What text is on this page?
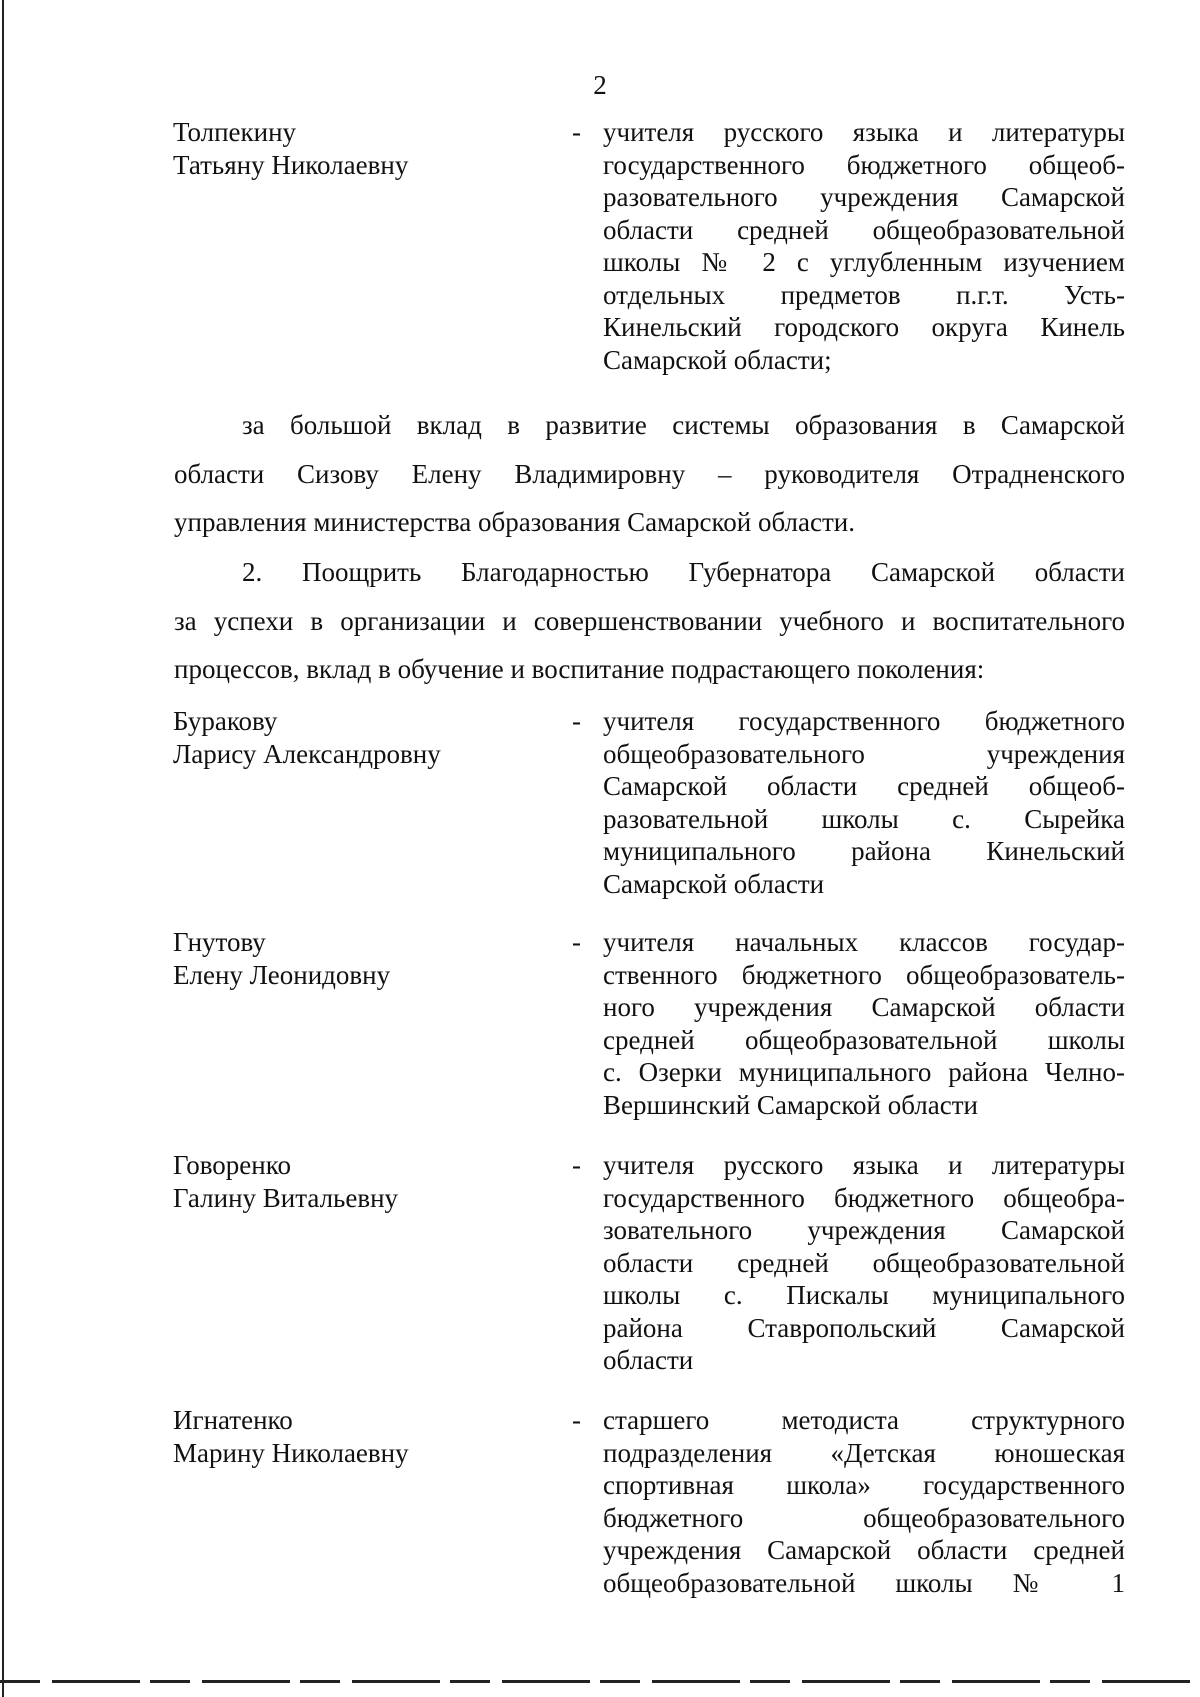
2
Толпекину
Татьяну Николаевну
- учителя русского языка и литературы
государственного бюджетного общеоб-
разовательного учреждения Самарской
области средней общеобразовательной
школы № 2 с углубленным изучением
отдельных предметов п.г.т. Усть-
Кинельский городского округа Кинель
Самарской области;
за большой вклад в развитие системы образования в Самарской
области Сизову Елену Владимировну – руководителя Отрадненского
управления министерства образования Самарской области.
2. Поощрить Благодарностью Губернатора Самарской области
за успехи в организации и совершенствовании учебного и воспитательного
процессов, вклад в обучение и воспитание подрастающего поколения:
Буракову
Ларису Александровну
- учителя государственного бюджетного
общеобразовательного учреждения
Самарской области средней общеоб-
разовательной школы с. Сырейка
муниципального района Кинельский
Самарской области
Гнутову
Елену Леонидовну
- учителя начальных классов государ-
ственного бюджетного общеобразователь-
ного учреждения Самарской области
средней общеобразовательной школы
с. Озерки муниципального района Челно-
Вершинский Самарской области
Говоренко
Галину Витальевну
- учителя русского языка и литературы
государственного бюджетного общеобра-
зовательного учреждения Самарской
области средней общеобразовательной
школы с. Пискалы муниципального
района Ставропольский Самарской
области
Игнатенко
Марину Николаевну
- старшего методиста структурного
подразделения «Детская юношеская
спортивная школа» государственного
бюджетного общеобразовательного
учреждения Самарской области средней
общеобразовательной школы № 1
